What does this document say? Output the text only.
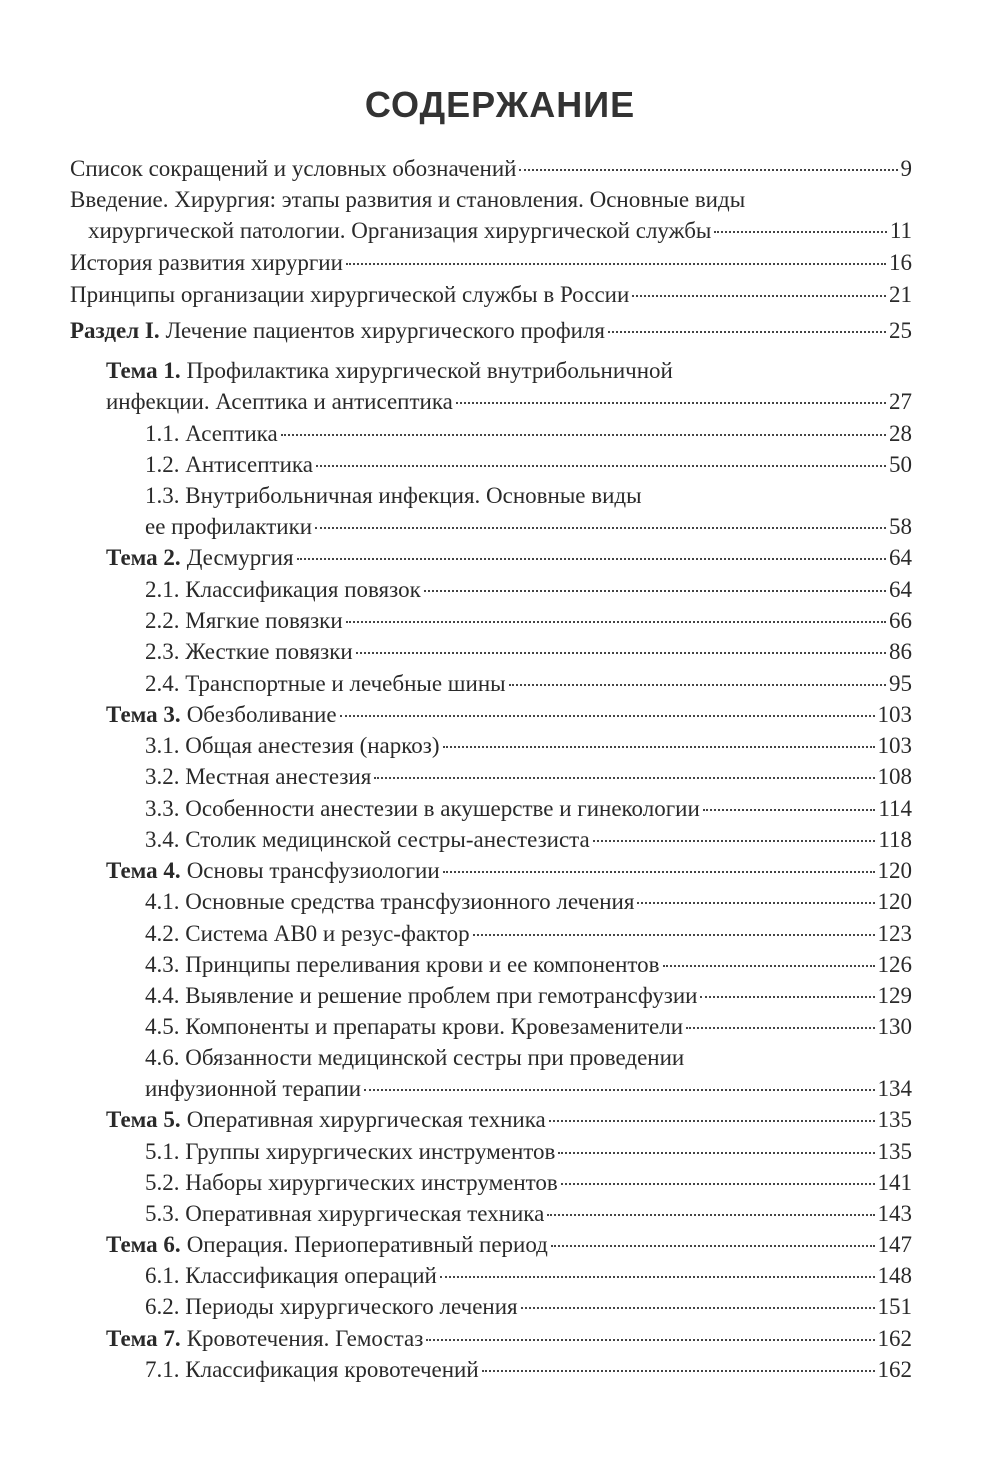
СОДЕРЖАНИЕ
Список сокращений и условных обозначений	9
Введение. Хирургия: этапы развития и становления. Основные виды
хирургической патологии. Организация хирургической службы	11
История развития хирургии	16
Принципы организации хирургической службы в России	21
Раздел I. Лечение пациентов хирургического профиля	25
Тема 1. Профилактика хирургической внутрибольничной
инфекции. Асептика и антисептика	27
1.1. Асептика	28
1.2. Антисептика	50
1.3. Внутрибольничная инфекция. Основные виды
ее профилактики	58
Тема 2. Десмургия	64
2.1. Классификация повязок	64
2.2. Мягкие повязки	66
2.3. Жесткие повязки	86
2.4. Транспортные и лечебные шины	95
Тема 3. Обезболивание	103
3.1. Общая анестезия (наркоз)	103
3.2. Местная анестезия	108
3.3. Особенности анестезии в акушерстве и гинекологии	114
3.4. Столик медицинской сестры-анестезиста	118
Тема 4. Основы трансфузиологии	120
4.1. Основные средства трансфузионного лечения	120
4.2. Система АВ0 и резус-фактор	123
4.3. Принципы переливания крови и ее компонентов	126
4.4. Выявление и решение проблем при гемотрансфузии	129
4.5. Компоненты и препараты крови. Кровезаменители	130
4.6. Обязанности медицинской сестры при проведении
инфузионной терапии	134
Тема 5. Оперативная хирургическая техника	135
5.1. Группы хирургических инструментов	135
5.2. Наборы хирургических инструментов	141
5.3. Оперативная хирургическая техника	143
Тема 6. Операция. Периоперативный период	147
6.1. Классификация операций	148
6.2. Периоды хирургического лечения	151
Тема 7. Кровотечения. Гемостаз	162
7.1. Классификация кровотечений	162
